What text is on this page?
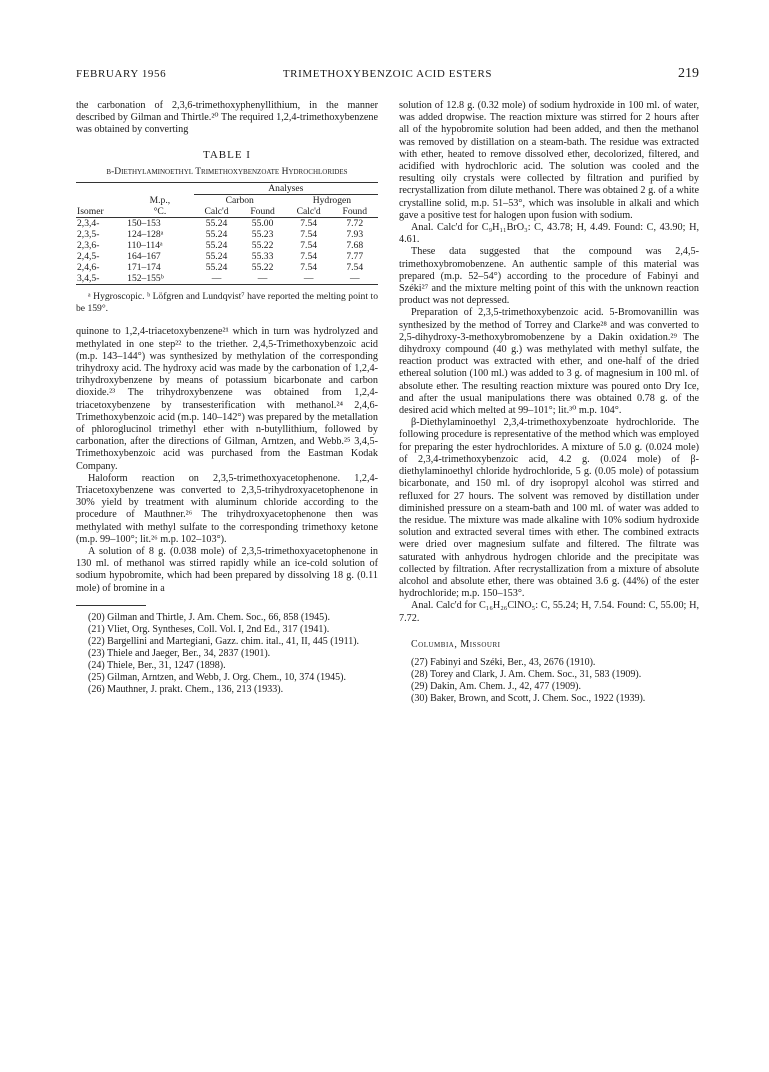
FEBRUARY 1956	TRIMETHOXYBENZOIC ACID ESTERS	219

the carbonation of 2,3,6-trimethoxyphenyllithium, in the manner described by Gilman and Thirtle.²⁰ The required 1,2,4-trimethoxybenzene was obtained by converting

TABLE I
β-Diethylaminoethyl Trimethoxybenzoate Hydrochlorides
		Analyses			
	M.p.,	Carbon		Hydrogen	
Isomer	°C.	Calc'd	Found	Calc'd	Found
2,3,4-	150–153	55.24	55.00	7.54	7.72
2,3,5-	124–128ᵃ	55.24	55.23	7.54	7.93
2,3,6-	110–114ᵃ	55.24	55.22	7.54	7.68
2,4,5-	164–167	55.24	55.33	7.54	7.77
2,4,6-	171–174	55.24	55.22	7.54	7.54
3,4,5-	152–155ᵇ	—	—	—	—
ᵃ Hygroscopic. ᵇ Löfgren and Lundqvist⁷ have reported the melting point to be 159°.

quinone to 1,2,4-triacetoxybenzene²¹ which in turn was hydrolyzed and methylated in one step²² to the triether. 2,4,5-Trimethoxybenzoic acid (m.p. 143–144°) was synthesized by methylation of the corresponding trihydroxy acid. The hydroxy acid was made by the carbonation of 1,2,4-trihydroxybenzene by means of potassium bicarbonate and carbon dioxide.²³ The trihydroxybenzene was obtained from 1,2,4-triacetoxybenzene by transesterification with methanol.²⁴ 2,4,6-Trimethoxybenzoic acid (m.p. 140–142°) was prepared by the metallation of phloroglucinol trimethyl ether with n-butyllithium, followed by carbonation, after the directions of Gilman, Arntzen, and Webb.²⁵ 3,4,5-Trimethoxybenzoic acid was purchased from the Eastman Kodak Company.

Haloform reaction on 2,3,5-trimethoxyacetophenone. 1,2,4-Triacetoxybenzene was converted to 2,3,5-trihydroxyacetophenone in 30% yield by treatment with aluminum chloride according to the procedure of Mauthner.²⁶ The trihydroxyacetophenone then was methylated with methyl sulfate to the corresponding trimethoxy ketone (m.p. 99–100°; lit.²⁶ m.p. 102–103°).

A solution of 8 g. (0.038 mole) of 2,3,5-trimethoxyacetophenone in 130 ml. of methanol was stirred rapidly while an ice-cold solution of sodium hypobromite, which had been prepared by dissolving 18 g. (0.11 mole) of bromine in a

(20) Gilman and Thirtle, J. Am. Chem. Soc., 66, 858 (1945).
(21) Vliet, Org. Syntheses, Coll. Vol. I, 2nd Ed., 317 (1941).
(22) Bargellini and Martegiani, Gazz. chim. ital., 41, II, 445 (1911).
(23) Thiele and Jaeger, Ber., 34, 2837 (1901).
(24) Thiele, Ber., 31, 1247 (1898).
(25) Gilman, Arntzen, and Webb, J. Org. Chem., 10, 374 (1945).
(26) Mauthner, J. prakt. Chem., 136, 213 (1933).

solution of 12.8 g. (0.32 mole) of sodium hydroxide in 100 ml. of water, was added dropwise. The reaction mixture was stirred for 2 hours after all of the hypobromite solution had been added, and then the methanol was removed by distillation on a steam-bath. The residue was extracted with ether, heated to remove dissolved ether, decolorized, filtered, and acidified with hydrochloric acid. The solution was cooled and the resulting oily crystals were collected by filtration and purified by recrystallization from dilute methanol. There was obtained 2 g. of a white crystalline solid, m.p. 51–53°, which was insoluble in alkali and which gave a positive test for halogen upon fusion with sodium.

Anal. Calc'd for C₉H₁₁BrO₃: C, 43.78; H, 4.49. Found: C, 43.90; H, 4.61.

These data suggested that the compound was 2,4,5-trimethoxybromobenzene. An authentic sample of this material was prepared (m.p. 52–54°) according to the procedure of Fabinyi and Széki²⁷ and the mixture melting point of this with the unknown reaction product was not depressed.

Preparation of 2,3,5-trimethoxybenzoic acid. 5-Bromovanillin was synthesized by the method of Torrey and Clarke²⁸ and was converted to 2,5-dihydroxy-3-methoxybromobenzene by a Dakin oxidation.²⁹ The dihydroxy compound (40 g.) was methylated with methyl sulfate, the reaction product was extracted with ether, and one-half of the dried ethereal solution (100 ml.) was added to 3 g. of magnesium in 100 ml. of absolute ether. The resulting reaction mixture was poured onto Dry Ice, and after the usual manipulations there was obtained 0.78 g. of the desired acid which melted at 99–101°; lit.³⁰ m.p. 104°.

β-Diethylaminoethyl 2,3,4-trimethoxybenzoate hydrochloride. The following procedure is representative of the method which was employed for preparing the ester hydrochlorides. A mixture of 5.0 g. (0.024 mole) of 2,3,4-trimethoxybenzoic acid, 4.2 g. (0.024 mole) of β-diethylaminoethyl chloride hydrochloride, 5 g. (0.05 mole) of potassium bicarbonate, and 150 ml. of dry isopropyl alcohol was stirred and refluxed for 27 hours. The solvent was removed by distillation under diminished pressure on a steam-bath and 100 ml. of water was added to the residue. The mixture was made alkaline with 10% sodium hydroxide solution and extracted several times with ether. The combined extracts were dried over magnesium sulfate and filtered. The filtrate was saturated with anhydrous hydrogen chloride and the precipitate was collected by filtration. After recrystallization from a mixture of absolute alcohol and absolute ether, there was obtained 3.6 g. (44%) of the ester hydrochloride; m.p. 150–153°.

Anal. Calc'd for C₁₆H₂₆ClNO₅: C, 55.24; H, 7.54. Found: C, 55.00; H, 7.72.

Columbia, Missouri
(27) Fabinyi and Széki, Ber., 43, 2676 (1910).
(28) Torey and Clark, J. Am. Chem. Soc., 31, 583 (1909).
(29) Dakin, Am. Chem. J., 42, 477 (1909).
(30) Baker, Brown, and Scott, J. Chem. Soc., 1922 (1939).
